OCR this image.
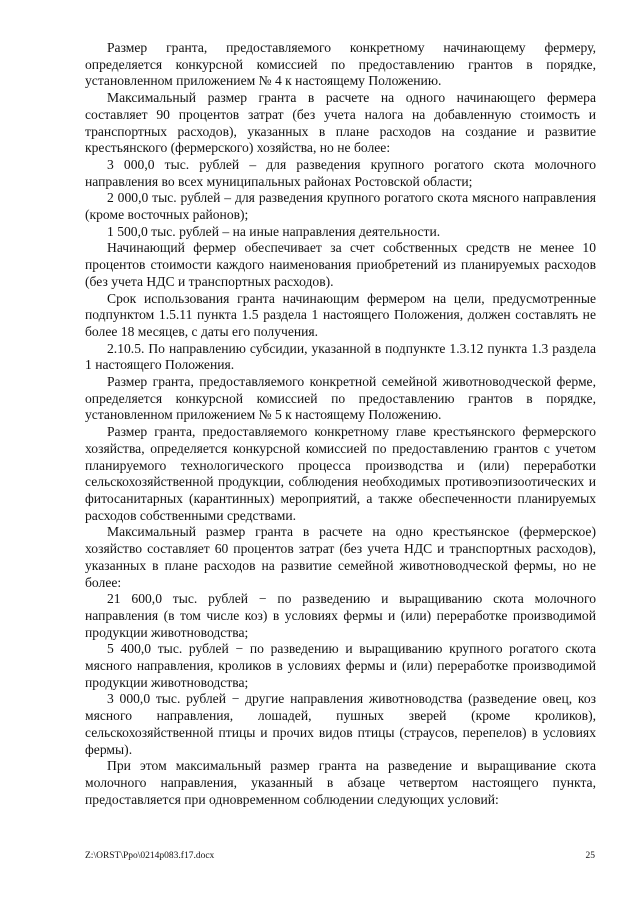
Размер гранта, предоставляемого конкретному начинающему фермеру, определяется конкурсной комиссией по предоставлению грантов в порядке, установленном приложением № 4 к настоящему Положению.

Максимальный размер гранта в расчете на одного начинающего фермера составляет 90 процентов затрат (без учета налога на добавленную стоимость и транспортных расходов), указанных в плане расходов на создание и развитие крестьянского (фермерского) хозяйства, но не более:

3 000,0 тыс. рублей – для разведения крупного рогатого скота молочного направления во всех муниципальных районах Ростовской области;

2 000,0 тыс. рублей – для разведения крупного рогатого скота мясного направления (кроме восточных районов);

1 500,0 тыс. рублей – на иные направления деятельности.

Начинающий фермер обеспечивает за счет собственных средств не менее 10 процентов стоимости каждого наименования приобретений из планируемых расходов (без учета НДС и транспортных расходов).

Срок использования гранта начинающим фермером на цели, предусмотренные подпунктом 1.5.11 пункта 1.5 раздела 1 настоящего Положения, должен составлять не более 18 месяцев, с даты его получения.

2.10.5. По направлению субсидии, указанной в подпункте 1.3.12 пункта 1.3 раздела 1 настоящего Положения.

Размер гранта, предоставляемого конкретной семейной животноводческой ферме, определяется конкурсной комиссией по предоставлению грантов в порядке, установленном приложением № 5 к настоящему Положению.

Размер гранта, предоставляемого конкретному главе крестьянского фермерского хозяйства, определяется конкурсной комиссией по предоставлению грантов с учетом планируемого технологического процесса производства и (или) переработки сельскохозяйственной продукции, соблюдения необходимых противоэпизоотических и фитосанитарных (карантинных) мероприятий, а также обеспеченности планируемых расходов собственными средствами.

Максимальный размер гранта в расчете на одно крестьянское (фермерское) хозяйство составляет 60 процентов затрат (без учета НДС и транспортных расходов), указанных в плане расходов на развитие семейной животноводческой фермы, но не более:

21 600,0 тыс. рублей − по разведению и выращиванию скота молочного направления (в том числе коз) в условиях фермы и (или) переработке производимой продукции животноводства;

5 400,0 тыс. рублей − по разведению и выращиванию крупного рогатого скота мясного направления, кроликов в условиях фермы и (или) переработке производимой продукции животноводства;

3 000,0 тыс. рублей − другие направления животноводства (разведение овец, коз мясного направления, лошадей, пушных зверей (кроме кроликов), сельскохозяйственной птицы и прочих видов птицы (страусов, перепелов) в условиях фермы).

При этом максимальный размер гранта на разведение и выращивание скота молочного направления, указанный в абзаце четвертом настоящего пункта, предоставляется при одновременном соблюдении следующих условий:

Z:\ORST\Ppo\0214p083.f17.docx	25
